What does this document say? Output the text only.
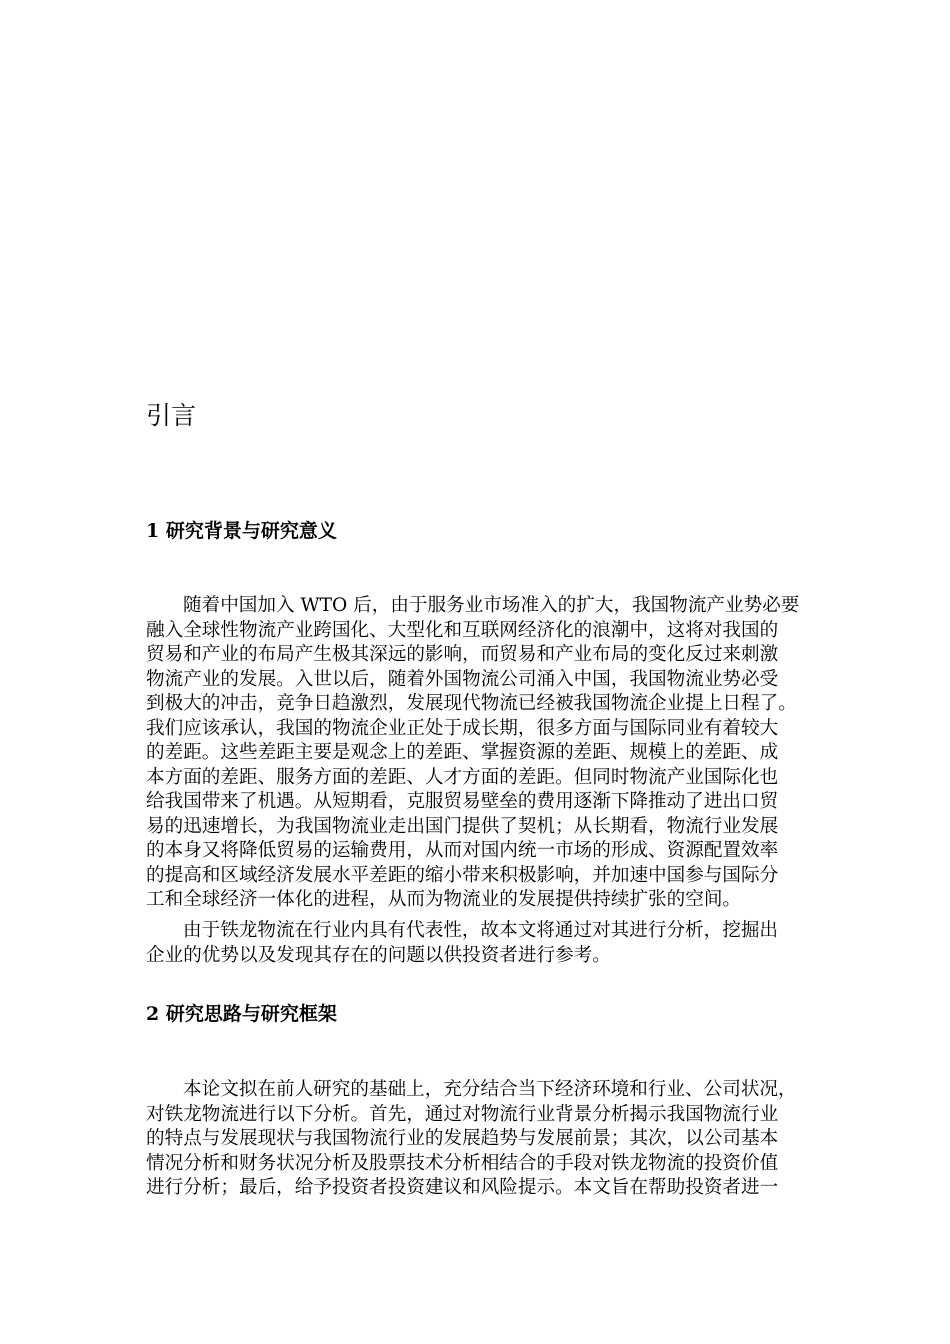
引言
1 研究背景与研究意义
随着中国加入 WTO 后，由于服务业市场准入的扩大，我国物流产业势必要
融入全球性物流产业跨国化、大型化和互联网经济化的浪潮中，这将对我国的
贸易和产业的布局产生极其深远的影响，而贸易和产业布局的变化反过来刺激
物流产业的发展。入世以后，随着外国物流公司涌入中国，我国物流业势必受
到极大的冲击，竞争日趋激烈，发展现代物流已经被我国物流企业提上日程了。
我们应该承认，我国的物流企业正处于成长期，很多方面与国际同业有着较大
的差距。这些差距主要是观念上的差距、掌握资源的差距、规模上的差距、成
本方面的差距、服务方面的差距、人才方面的差距。但同时物流产业国际化也
给我国带来了机遇。从短期看，克服贸易壁垒的费用逐渐下降推动了进出口贸
易的迅速增长，为我国物流业走出国门提供了契机；从长期看，物流行业发展
的本身又将降低贸易的运输费用，从而对国内统一市场的形成、资源配置效率
的提高和区域经济发展水平差距的缩小带来积极影响，并加速中国参与国际分
工和全球经济一体化的进程，从而为物流业的发展提供持续扩张的空间。
由于铁龙物流在行业内具有代表性，故本文将通过对其进行分析，挖掘出
企业的优势以及发现其存在的问题以供投资者进行参考。
2 研究思路与研究框架
本论文拟在前人研究的基础上，充分结合当下经济环境和行业、公司状况，
对铁龙物流进行以下分析。首先，通过对物流行业背景分析揭示我国物流行业
的特点与发展现状与我国物流行业的发展趋势与发展前景；其次，以公司基本
情况分析和财务状况分析及股票技术分析相结合的手段对铁龙物流的投资价值
进行分析；最后，给予投资者投资建议和风险提示。本文旨在帮助投资者进一
